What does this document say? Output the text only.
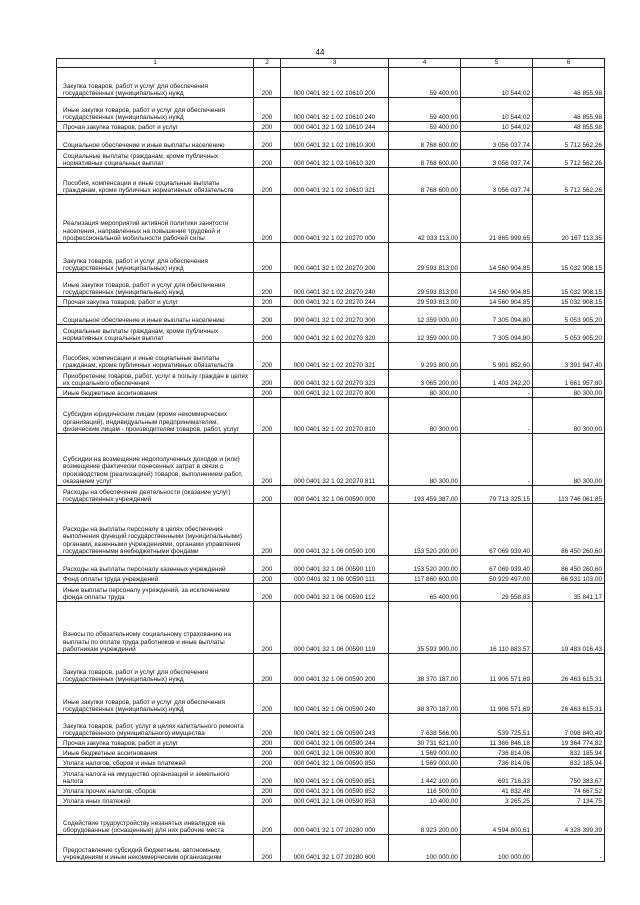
44
1	2	3	4	5	6
Закупка товаров, работ и услуг для обеспечения государственных (муниципальных) нужд	200	000 0401 32 1 02 10610 200	59 400,00	10 544,02	48 855,98
Иные закупки товаров, работ и услуг для обеспечения государственных (муниципальных) нужд	200	000 0401 32 1 02 10610 240	59 400,00	10 544,02	48 855,98
Прочая закупка товаров, работ и услуг	200	000 0401 32 1 02 10610 244	59 400,00	10 544,02	48 855,98
Социальное обеспечение и иные выплаты населению	200	000 0401 32 1 02 10610 300	8 768 600,00	3 056 037,74	5 712 562,26
Социальные выплаты гражданам, кроме публичных нормативных социальных выплат	200	000 0401 32 1 02 10610 320	8 768 600,00	3 056 037,74	5 712 562,26
Пособия, компенсации и иные социальные выплаты гражданам, кроме публичных нормативных обязательств	200	000 0401 32 1 02 10610 321	8 768 600,00	3 056 037,74	5 712 562,26
Реализация мероприятий активной политики занятости населения, направленных на повышение трудовой и профессиональной мобильности рабочей силы	200	000 0401 32 1 02 20270 000	42 033 113,00	21 865 999,65	20 167 113,35
Закупка товаров, работ и услуг для обеспечения государственных (муниципальных) нужд	200	000 0401 32 1 02 20270 200	29 593 813,00	14 560 904,85	15 032 908,15
Иные закупки товаров, работ и услуг для обеспечения государственных (муниципальных) нужд	200	000 0401 32 1 02 20270 240	29 593 813,00	14 560 904,85	15 032 908,15
Прочая закупка товаров, работ и услуг	200	000 0401 32 1 02 20270 244	29 593 813,00	14 560 904,85	15 032 908,15
Социальное обеспечение и иные выплаты населению	200	000 0401 32 1 02 20270 300	12 359 000,00	7 305 094,80	5 053 905,20
Социальные выплаты гражданам, кроме публичных нормативных социальных выплат	200	000 0401 32 1 02 20270 320	12 359 000,00	7 305 094,80	5 053 905,20
Пособия, компенсации и иные социальные выплаты гражданам, кроме публичных нормативных обязательств	200	000 0401 32 1 02 20270 321	9 293 800,00	5 901 852,60	3 391 947,40
Приобретение товаров, работ, услуг в пользу граждан в целях их социального обеспечения	200	000 0401 32 1 02 20270 323	3 065 200,00	1 403 242,20	1 661 957,80
Иные бюджетные ассигнования	200	000 0401 32 1 02 20270 800	80 300,00	-	80 300,00
Субсидии юридическим лицам (кроме некоммерческих организаций), индивидуальным предпринимателям, физическим лицам - производителям товаров, работ, услуг	200	000 0401 32 1 02 20270 810	80 300,00	-	80 300,00
Субсидии на возмещение недополученных доходов и (или) возмещение фактически понесенных затрат в связи с производством (реализацией) товаров, выполнением работ, оказанием услуг	200	000 0401 32 1 02 20270 811	80 300,00	-	80 300,00
Расходы на обеспечение деятельности (оказание услуг) государственных учреждений	200	000 0401 32 1 06 00590 000	193 459 387,00	79 713 325,15	113 746 061,85
Расходы на выплаты персоналу в целях обеспечения выполнения функций государственными (муниципальными) органами, казенными учреждениями, органами управления государственными внебюджетными фондами	200	000 0401 32 1 06 00590 100	153 520 200,00	67 069 939,40	86 450 260,60
Расходы на выплаты персоналу казенных учреждений	200	000 0401 32 1 06 00590 110	153 520 200,00	67 069 939,40	86 450 260,60
Фонд оплаты труда учреждений	200	000 0401 32 1 06 00590 111	117 860 600,00	50 929 497,00	66 931 103,00
Иные выплаты персоналу учреждений, за исключением фонда оплаты труда	200	000 0401 32 1 06 00590 112	65 400,00	29 558,83	35 841,17
Взносы по обязательному социальному страхованию на выплаты по оплате труда работников и иные выплаты работникам учреждений	200	000 0401 32 1 06 00590 119	35 593 900,00	16 110 883,57	19 483 016,43
Закупка товаров, работ и услуг для обеспечения государственных (муниципальных) нужд	200	000 0401 32 1 06 00590 200	38 370 187,00	11 906 571,69	26 463 615,31
Иные закупки товаров, работ и услуг для обеспечения государственных (муниципальных) нужд	200	000 0401 32 1 06 00590 240	38 370 187,00	11 906 571,69	26 463 615,31
Закупка товаров, работ, услуг в целях капитального ремонта государственного (муниципального) имущества	200	000 0401 32 1 06 00590 243	7 638 566,00	539 725,51	7 098 840,49
Прочая закупка товаров, работ и услуг	200	000 0401 32 1 06 00590 244	30 731 621,00	11 366 846,18	19 364 774,82
Иные бюджетные ассигнования	200	000 0401 32 1 06 00590 800	1 569 000,00	736 814,06	832 185,94
Уплата налогов, сборов и иных платежей	200	000 0401 32 1 06 00590 850	1 569 000,00	736 814,06	832 185,94
Уплата налога на имущество организаций и земельного налога	200	000 0401 32 1 06 00590 851	1 442 100,00	691 716,33	750 383,67
Уплата прочих налогов, сборов	200	000 0401 32 1 06 00590 852	116 500,00	41 832,48	74 667,52
Уплата иных платежей	200	000 0401 32 1 06 00590 853	10 400,00	3 265,25	7 134,75
Содействие трудоустройству незанятых инвалидов на оборудованные (оснащенные) для них рабочие места	200	000 0401 32 1 07 20280 000	8 923 200,00	4 594 800,61	4 328 399,39
Предоставление субсидий бюджетным, автономным учреждениям и иным некоммерческим организациям	200	000 0401 32 1 07 20280 600	100 000,00	100 000,00	-
